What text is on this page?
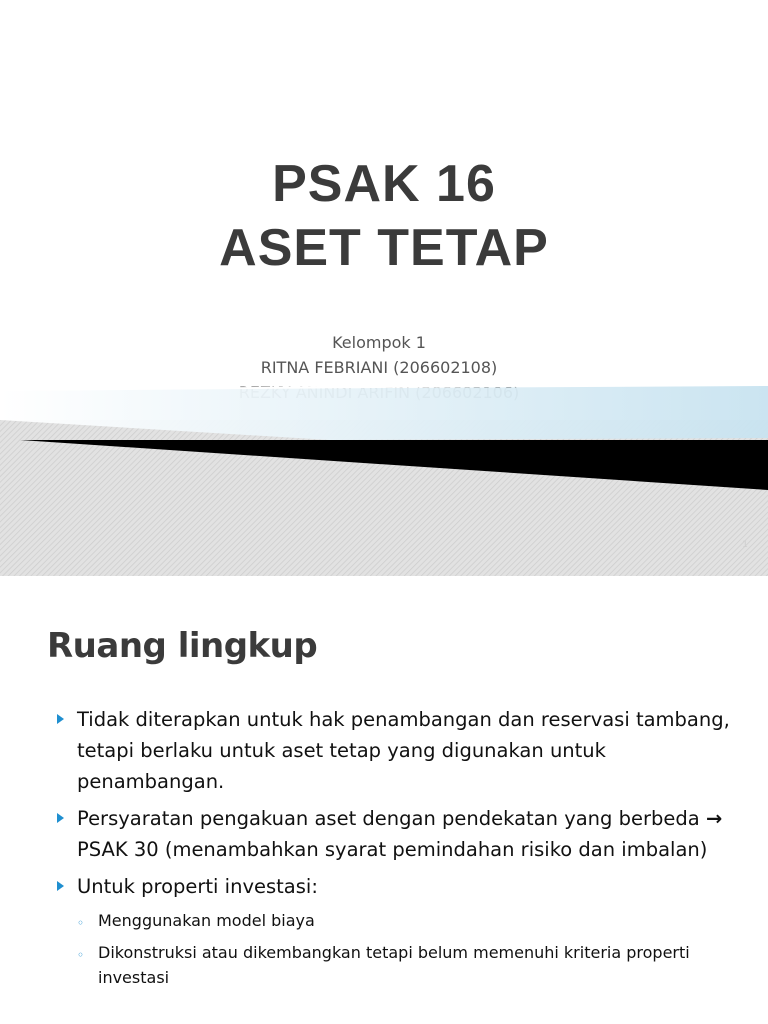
PSAK 16
ASET TETAP
Kelompok 1
RITNA FEBRIANI (206602108)
1
Ruang lingkup
Tidak diterapkan untuk hak penambangan dan reservasi tambang, tetapi berlaku untuk aset tetap yang digunakan untuk penambangan.
Persyaratan pengakuan aset dengan pendekatan yang berbeda → PSAK 30 (menambahkan syarat pemindahan risiko dan imbalan)
Untuk properti investasi:
◦ Menggunakan model biaya
◦ Dikonstruksi atau dikembangkan tetapi belum memenuhi kriteria properti investasi
